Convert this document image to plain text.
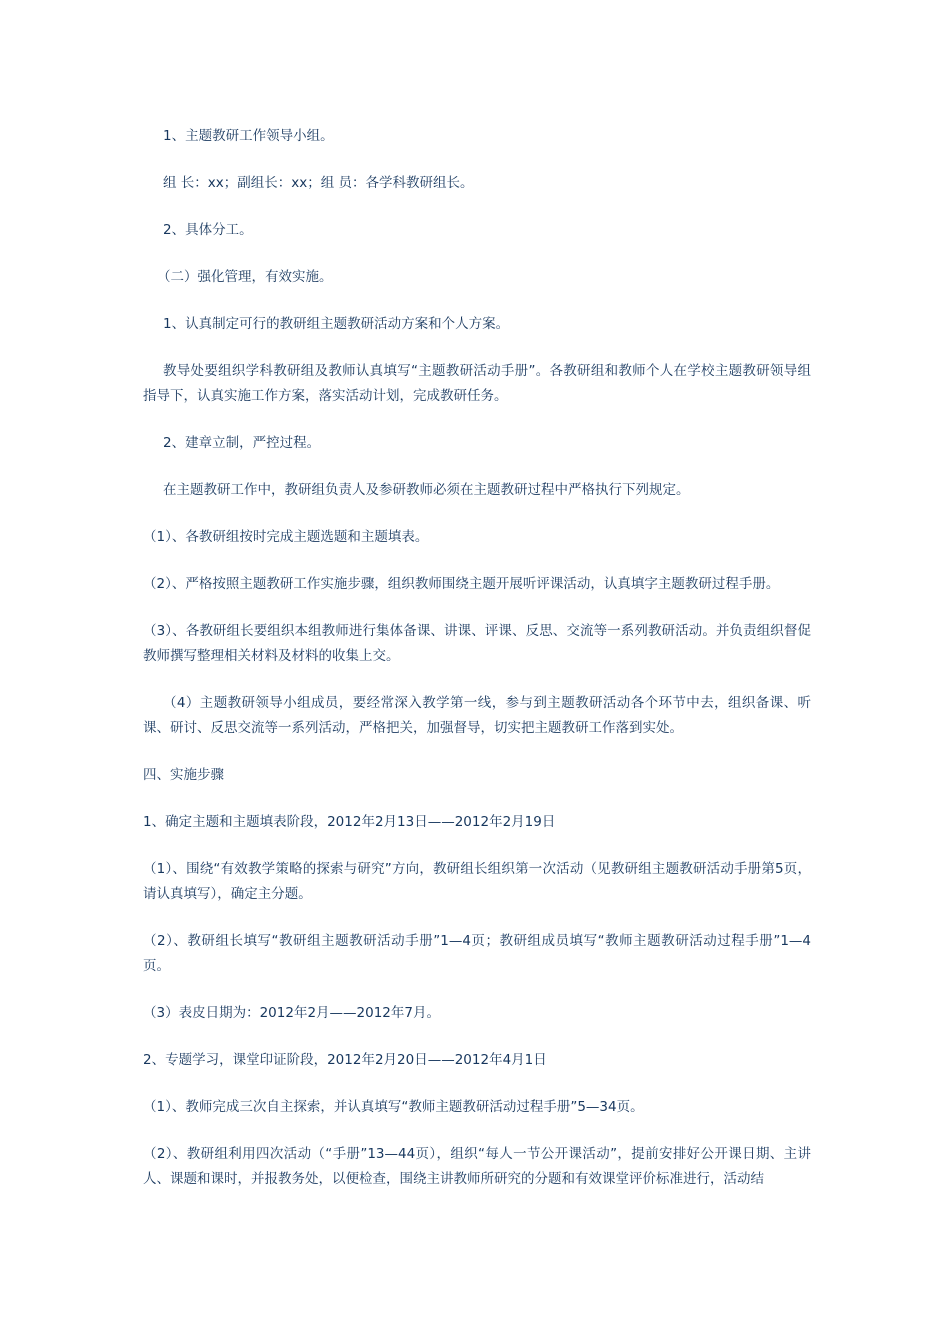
1、主题教研工作领导小组。

组 长：xx；副组长：xx；组 员：各学科教研组长。

2、具体分工。

（二）强化管理，有效实施。

1、认真制定可行的教研组主题教研活动方案和个人方案。

教导处要组织学科教研组及教师认真填写“主题教研活动手册”。各教研组和教师个人在学校主题教研领导组指导下，认真实施工作方案，落实活动计划，完成教研任务。

2、建章立制，严控过程。

在主题教研工作中，教研组负责人及参研教师必须在主题教研过程中严格执行下列规定。

（1）、各教研组按时完成主题选题和主题填表。

（2）、严格按照主题教研工作实施步骤，组织教师围绕主题开展听评课活动，认真填字主题教研过程手册。

（3）、各教研组长要组织本组教师进行集体备课、讲课、评课、反思、交流等一系列教研活动。并负责组织督促教师撰写整理相关材料及材料的收集上交。

（4）主题教研领导小组成员，要经常深入教学第一线，参与到主题教研活动各个环节中去，组织备课、听课、研讨、反思交流等一系列活动，严格把关，加强督导，切实把主题教研工作落到实处。

四、实施步骤

1、确定主题和主题填表阶段，2012年2月13日——2012年2月19日

（1）、围绕“有效教学策略的探索与研究”方向，教研组长组织第一次活动（见教研组主题教研活动手册第5页，请认真填写），确定主分题。

（2）、教研组长填写“教研组主题教研活动手册”1—4页；教研组成员填写“教师主题教研活动过程手册”1—4页。

（3）表皮日期为：2012年2月——2012年7月。

2、专题学习，课堂印证阶段，2012年2月20日——2012年4月1日

（1）、教师完成三次自主探索，并认真填写“教师主题教研活动过程手册”5—34页。

（2）、教研组利用四次活动（“手册”13—44页），组织“每人一节公开课活动”，提前安排好公开课日期、主讲人、课题和课时，并报教务处，以便检查，围绕主讲教师所研究的分题和有效课堂评价标准进行，活动结
